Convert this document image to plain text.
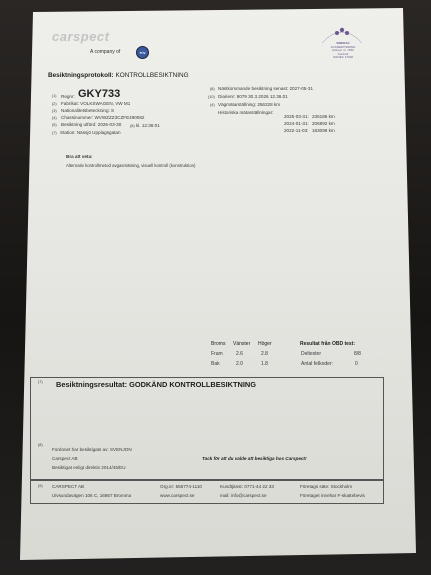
carspect
A company of	TÜV
SWEDAC
ACKREDITERING
Ackred. nr. 7962
Kontroll
ISO/IEC 17020
Besiktningsprotokoll: KONTROLLBESIKTNING
(1) Regnr: GKY733
(2) Fabrikat: VOLKSWAGEN, VW M1
(3) Nationalitetsbeteckning: S
(4) Chassinummer: WVWZZZ3CZFE490082
(5) Besiktning utförd: 2026-03-30 (6) kl. 12:36:01
(7) Station: Nässjö Upplagsgatan
(8) Nästkommande besiktning senast: 2027-05-31
(10) Diarienr: 9079 30.3.2026 12.36.01
(4) Vägmätarställning: 256328 km
Historiska mätarställningar:
2025-03-31: 235186 km
2024-01-31: 206892 km
2022-11-03: 183098 km
Bra att veta:
Alternativ kontrollmetod avgasmätning, visuell kontroll (konstruktion)
Broms Vänster Höger
Fram	2.6	2.8
Bak	2.0	1.8
Resultat från OBD test:
Deltester	8/8
Antal felkoder:	0
(7) Besiktningsresultat: GODKÄND KONTROLLBESIKTNING
(8)
Fordonet har besiktigats av: SVENJON
Carspect AB
Besiktigat enligt direktiv 2014/45/EU
Tack för att du valde att besiktiga hos Carspect!
(9) CARSPECT AB
Ulvsundavägen 106 C, 16867 Bromma
Org.nr: 556774-1110
www.carspect.se
Kundtjänst: 0771-44 22 33
mail: info@carspect.se
Företags säte: Stockholm
Företaget innehar F-skattebevis
